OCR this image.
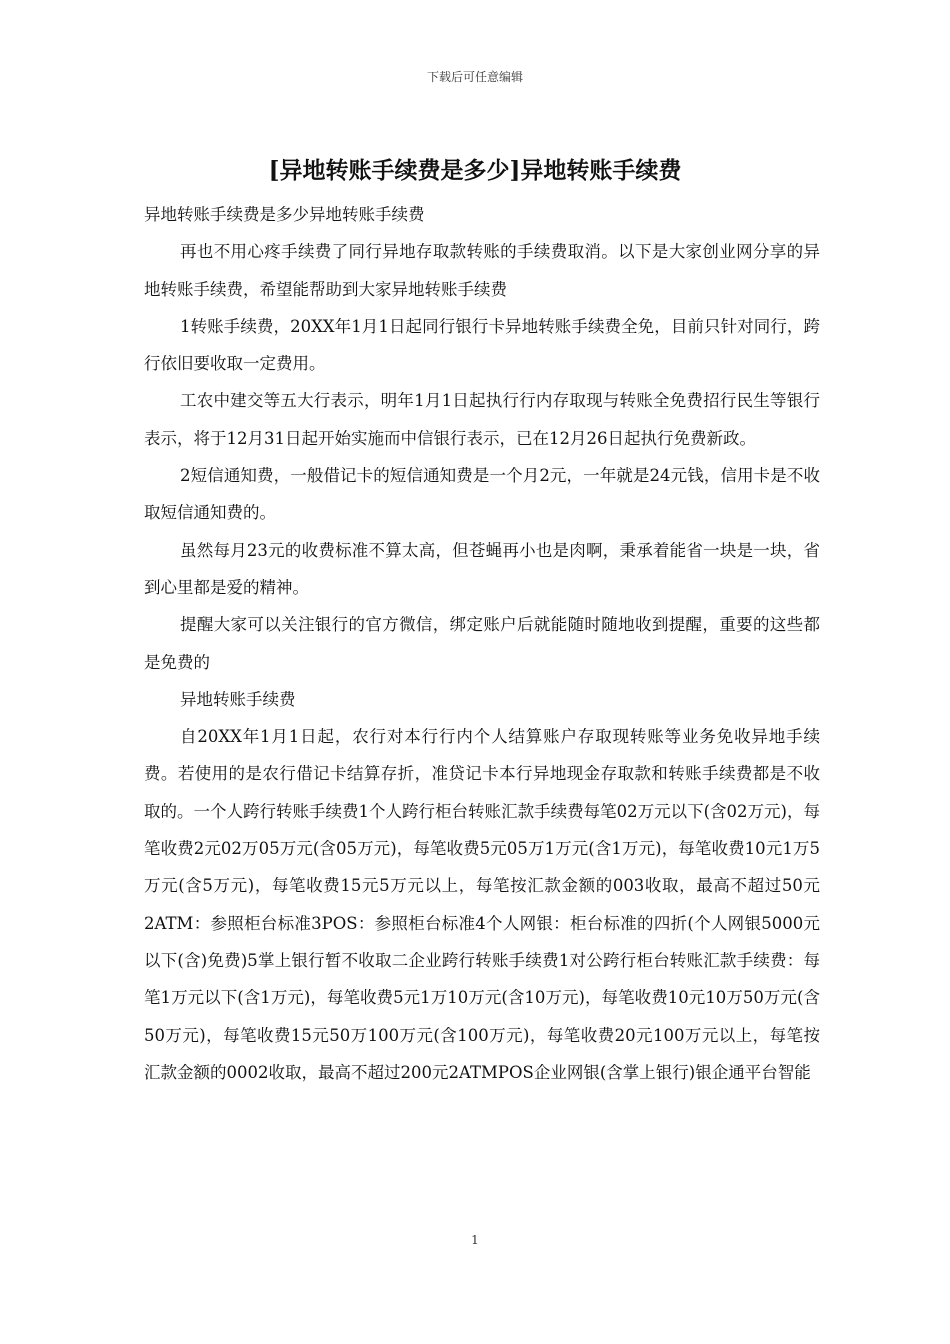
下载后可任意编辑
[异地转账手续费是多少]异地转账手续费

异地转账手续费是多少异地转账手续费

再也不用心疼手续费了同行异地存取款转账的手续费取消。以下是大家创业网分享的异地转账手续费，希望能帮助到大家异地转账手续费

1转账手续费，20XX年1月1日起同行银行卡异地转账手续费全免，目前只针对同行，跨行依旧要收取一定费用。

工农中建交等五大行表示，明年1月1日起执行行内存取现与转账全免费招行民生等银行表示，将于12月31日起开始实施而中信银行表示，已在12月26日起执行免费新政。

2短信通知费，一般借记卡的短信通知费是一个月2元，一年就是24元钱，信用卡是不收取短信通知费的。

虽然每月23元的收费标准不算太高，但苍蝇再小也是肉啊，秉承着能省一块是一块，省到心里都是爱的精神。

提醒大家可以关注银行的官方微信，绑定账户后就能随时随地收到提醒，重要的这些都是免费的

异地转账手续费

自20XX年1月1日起，农行对本行行内个人结算账户存取现转账等业务免收异地手续费。若使用的是农行借记卡结算存折，准贷记卡本行异地现金存取款和转账手续费都是不收取的。一个人跨行转账手续费1个人跨行柜台转账汇款手续费每笔02万元以下(含02万元)，每笔收费2元02万05万元(含05万元)，每笔收费5元05万1万元(含1万元)，每笔收费10元1万5万元(含5万元)，每笔收费15元5万元以上，每笔按汇款金额的003收取，最高不超过50元2ATM：参照柜台标准3POS：参照柜台标准4个人网银：柜台标准的四折(个人网银5000元以下(含)免费)5掌上银行暂不收取二企业跨行转账手续费1对公跨行柜台转账汇款手续费：每笔1万元以下(含1万元)，每笔收费5元1万10万元(含10万元)，每笔收费10元10万50万元(含50万元)，每笔收费15元50万100万元(含100万元)，每笔收费20元100万元以上，每笔按汇款金额的0002收取，最高不超过200元2ATMPOS企业网银(含掌上银行)银企通平台智能

1
